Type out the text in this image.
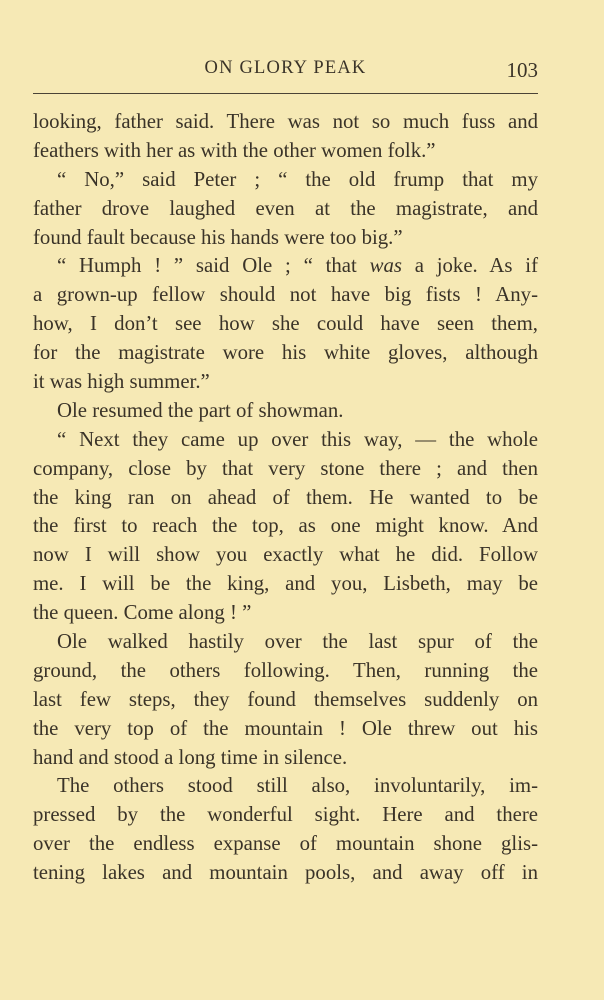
ON GLORY PEAK	103
looking, father said. There was not so much fuss and
feathers with her as with the other women folk.”
“ No,” said Peter ; “ the old frump that my
father drove laughed even at the magistrate, and
found fault because his hands were too big.”
“ Humph ! ” said Ole ; “ that was a joke. As if
a grown-up fellow should not have big fists ! Any-
how, I don’t see how she could have seen them,
for the magistrate wore his white gloves, although
it was high summer.”
Ole resumed the part of showman.
“ Next they came up over this way, — the whole
company, close by that very stone there ; and then
the king ran on ahead of them. He wanted to be
the first to reach the top, as one might know. And
now I will show you exactly what he did. Follow
me. I will be the king, and you, Lisbeth, may be
the queen. Come along ! ”
Ole walked hastily over the last spur of the
ground, the others following. Then, running the
last few steps, they found themselves suddenly on
the very top of the mountain ! Ole threw out his
hand and stood a long time in silence.
The others stood still also, involuntarily, im-
pressed by the wonderful sight. Here and there
over the endless expanse of mountain shone glis-
tening lakes and mountain pools, and away off in
